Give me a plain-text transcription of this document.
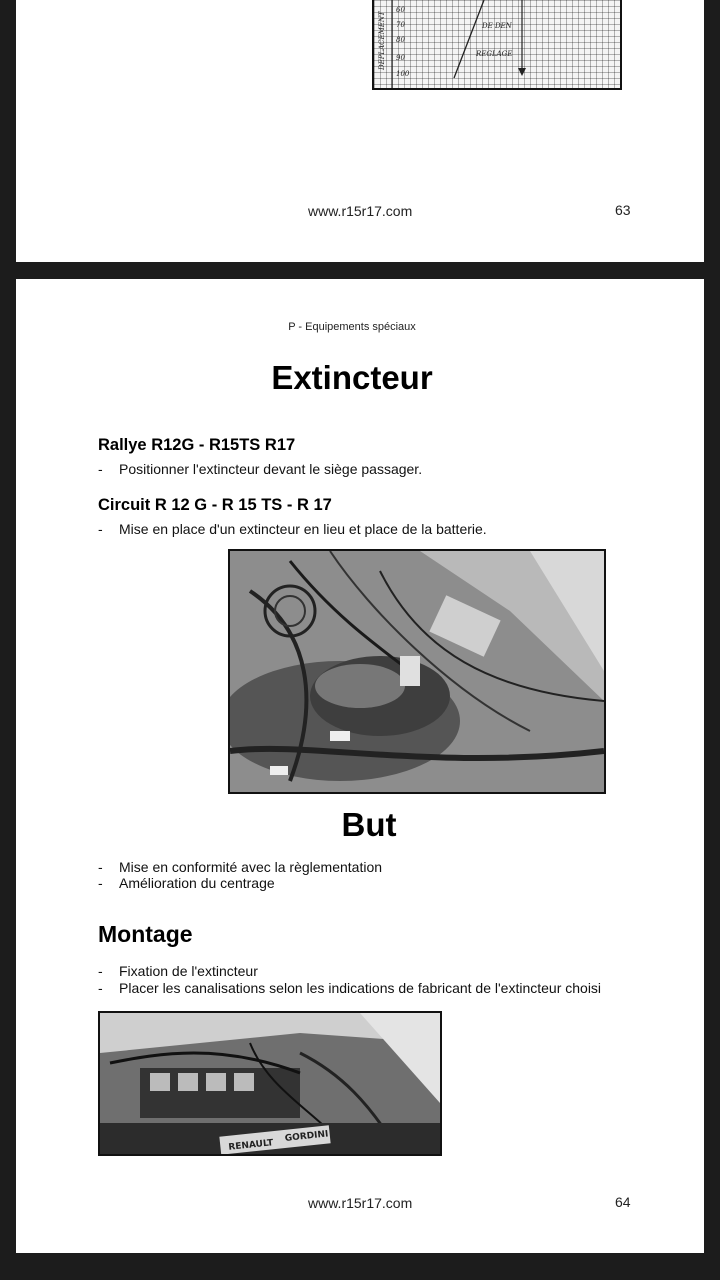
60
70
80
90
100
DEPLACEMENT	DE DEN
REGLAGE
www.r15r17.com	63
P - Equipements spéciaux
Extincteur
Rallye R12G - R15TS R17
- Positionner l'extincteur devant le siège passager.
Circuit R 12 G - R 15 TS - R 17
- Mise en place d'un extincteur en lieu et place de la batterie.
But
- Mise en conformité avec la règlementation
- Amélioration du centrage
Montage
- Fixation de l'extincteur
- Placer les canalisations selon les indications de fabricant de l'extincteur choisi
RENAULT
GORDINI
www.r15r17.com	64
